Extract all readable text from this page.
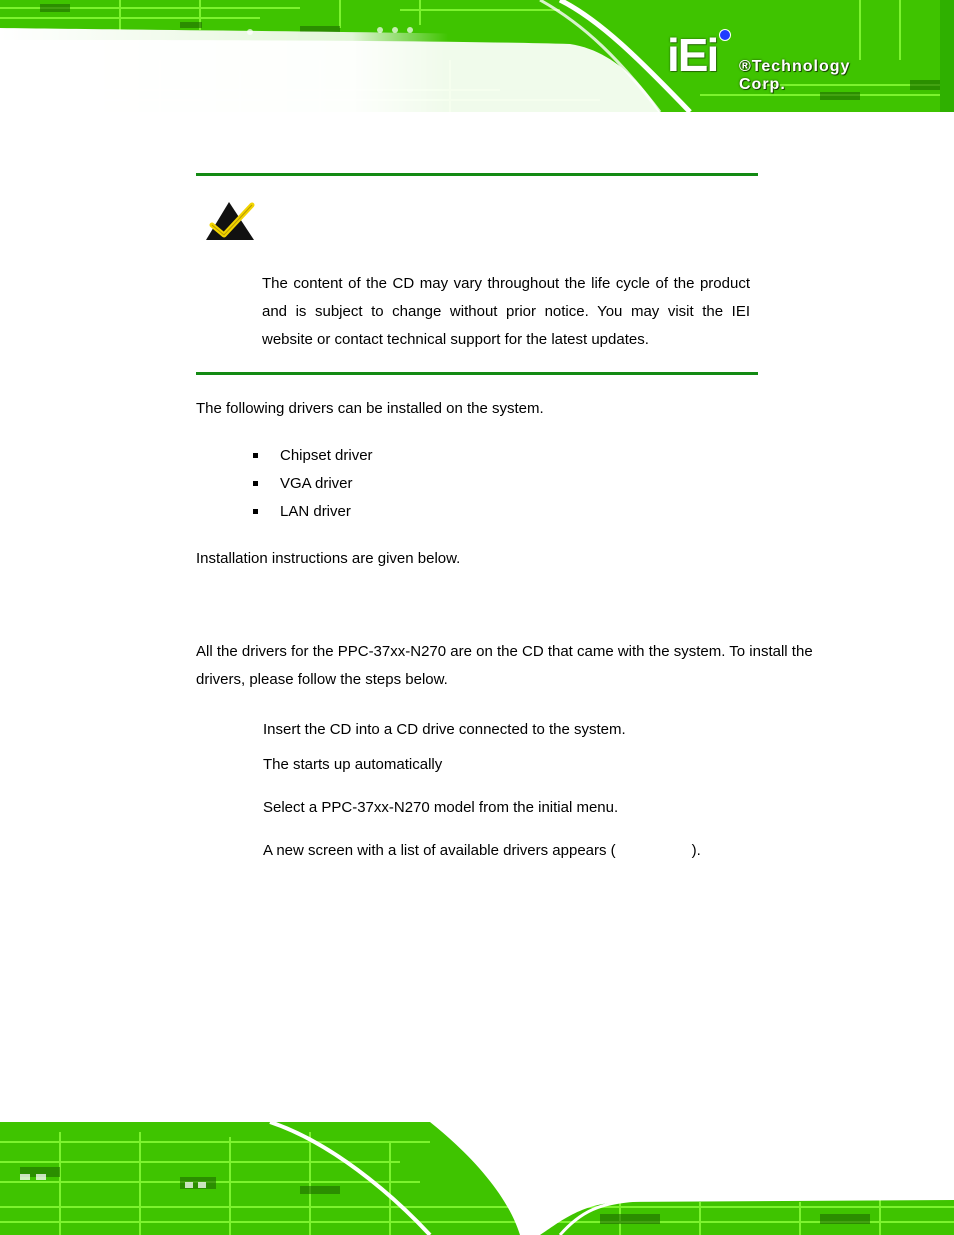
iEi ®Technology Corp.
The content of the CD may vary throughout the life cycle of the product and is subject to change without prior notice. You may visit the IEI website or contact technical support for the latest updates.
The following drivers can be installed on the system.
Chipset driver
VGA driver
LAN driver
Installation instructions are given below.
All the drivers for the PPC-37xx-N270 are on the CD that came with the system. To install the drivers, please follow the steps below.
Insert the CD into a CD drive connected to the system.
The starts up automatically
Select a PPC-37xx-N270 model from the initial menu.
A new screen with a list of available drivers appears (	).
